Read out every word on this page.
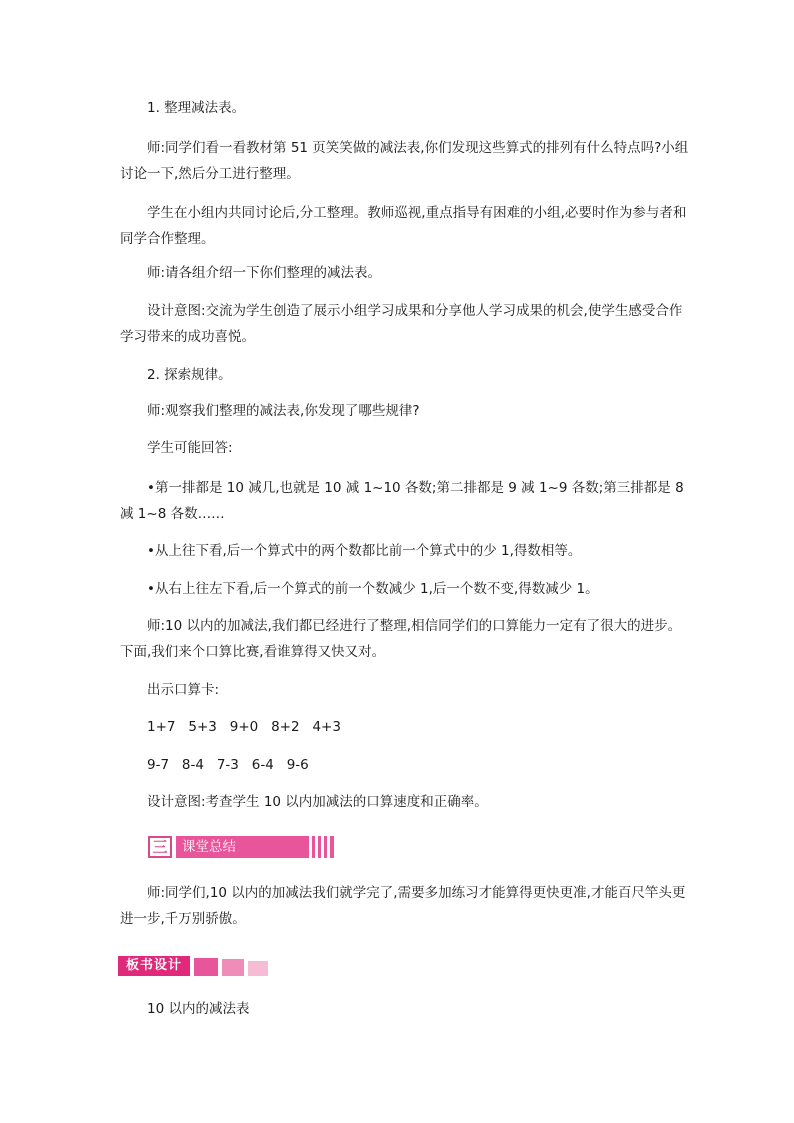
1. 整理减法表。

师:同学们看一看教材第 51 页笑笑做的减法表,你们发现这些算式的排列有什么特点吗?小组讨论一下,然后分工进行整理。

学生在小组内共同讨论后,分工整理。教师巡视,重点指导有困难的小组,必要时作为参与者和同学合作整理。

师:请各组介绍一下你们整理的减法表。

设计意图:交流为学生创造了展示小组学习成果和分享他人学习成果的机会,使学生感受合作学习带来的成功喜悦。

2. 探索规律。

师:观察我们整理的减法表,你发现了哪些规律?

学生可能回答:

•第一排都是 10 减几,也就是 10 减 1~10 各数;第二排都是 9 减 1~9 各数;第三排都是 8 减 1~8 各数……

•从上往下看,后一个算式中的两个数都比前一个算式中的少 1,得数相等。

•从右上往左下看,后一个算式的前一个数减少 1,后一个数不变,得数减少 1。

师:10 以内的加减法,我们都已经进行了整理,相信同学们的口算能力一定有了很大的进步。下面,我们来个口算比赛,看谁算得又快又对。

出示口算卡:

1+7   5+3   9+0   8+2   4+3

9-7   8-4   7-3   6-4   9-6

设计意图:考查学生 10 以内加减法的口算速度和正确率。

三	课堂总结

师:同学们,10 以内的加减法我们就学完了,需要多加练习才能算得更快更准,才能百尺竿头更进一步,千万别骄傲。

板书设计

10 以内的减法表
